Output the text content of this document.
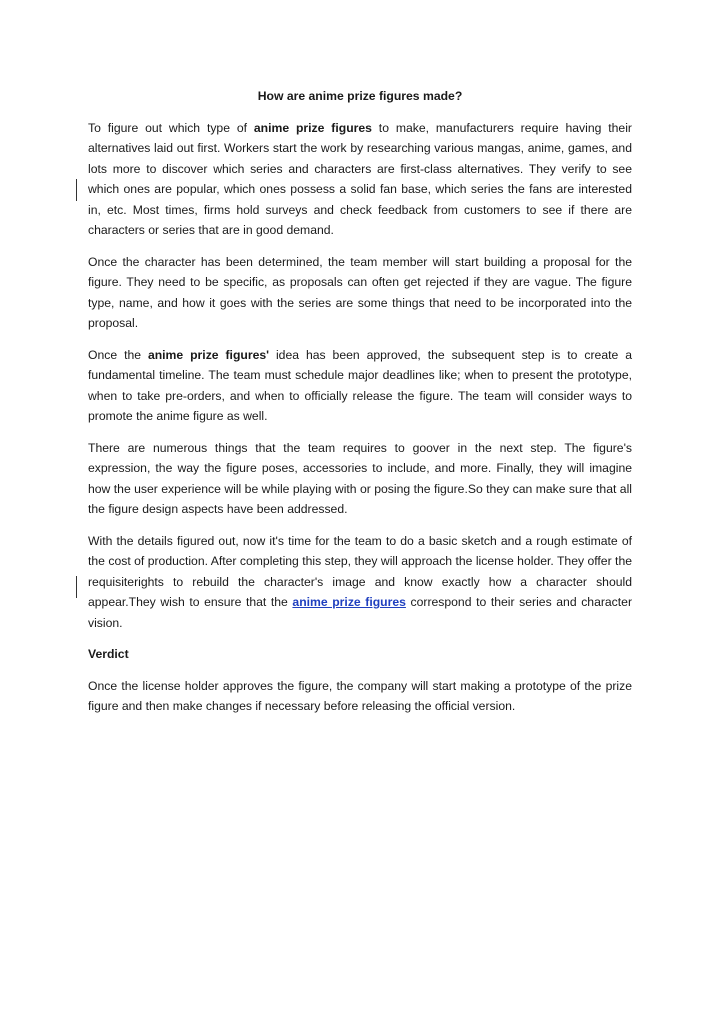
How are anime prize figures made?

To figure out which type of anime prize figures to make, manufacturers require having their alternatives laid out first. Workers start the work by researching various mangas, anime, games, and lots more to discover which series and characters are first-class alternatives. They verify to see which ones are popular, which ones possess a solid fan base, which series the fans are interested in, etc. Most times, firms hold surveys and check feedback from customers to see if there are characters or series that are in good demand.

Once the character has been determined, the team member will start building a proposal for the figure. They need to be specific, as proposals can often get rejected if they are vague. The figure type, name, and how it goes with the series are some things that need to be incorporated into the proposal.

Once the anime prize figures' idea has been approved, the subsequent step is to create a fundamental timeline. The team must schedule major deadlines like; when to present the prototype, when to take pre-orders, and when to officially release the figure. The team will consider ways to promote the anime figure as well.

There are numerous things that the team requires to goover in the next step. The figure's expression, the way the figure poses, accessories to include, and more. Finally, they will imagine how the user experience will be while playing with or posing the figure.So they can make sure that all the figure design aspects have been addressed.

With the details figured out, now it's time for the team to do a basic sketch and a rough estimate of the cost of production. After completing this step, they will approach the license holder. They offer the requisiterights to rebuild the character's image and know exactly how a character should appear.They wish to ensure that the anime prize figures correspond to their series and character vision.

Verdict

Once the license holder approves the figure, the company will start making a prototype of the prize figure and then make changes if necessary before releasing the official version.
